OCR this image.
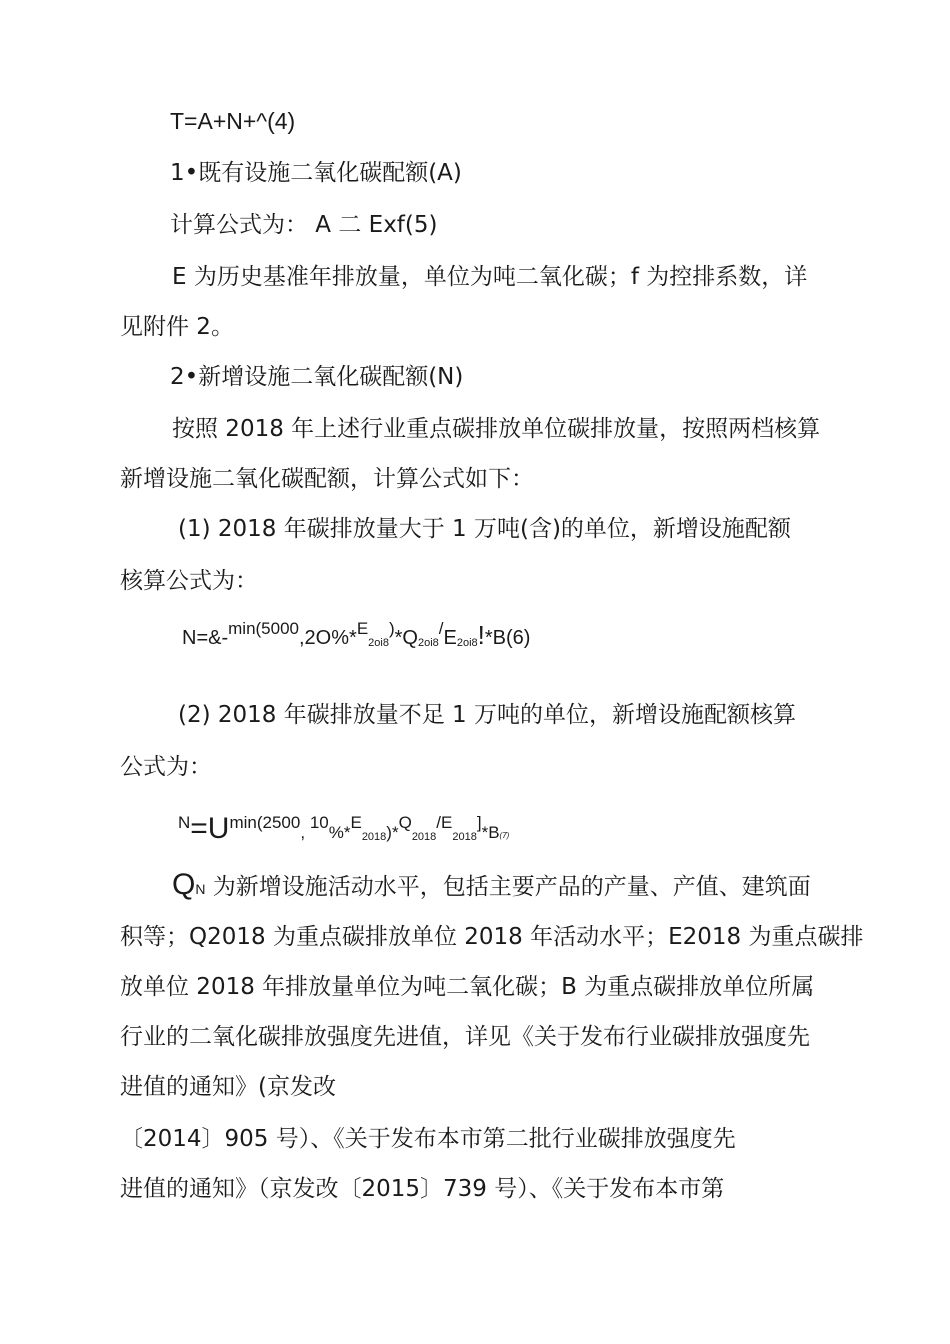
T=A+N+^(4)
1•既有设施二氧化碳配额(A)
计算公式为： A 二 Exf(5)
E 为历史基准年排放量，单位为吨二氧化碳；f 为控排系数，详
见附件 2。
2•新增设施二氧化碳配额(N)
按照 2018 年上述行业重点碳排放单位碳排放量，按照两档核算
新增设施二氧化碳配额，计算公式如下：
(1) 2018 年碳排放量大于 1 万吨(含)的单位，新增设施配额
核算公式为：
N=&-$^{min(5000}$,2O%*$^E$2oi8)*Q2oi8/E2oi8!*B(6)
(2) 2018 年碳排放量不足 1 万吨的单位，新增设施配额核算
公式为：
N=Umin(2500, 10%*E2018)*Q2018/E2018]*B(7)
QN 为新增设施活动水平，包括主要产品的产量、产值、建筑面
积等；Q2018 为重点碳排放单位 2018 年活动水平；E2018 为重点碳排
放单位 2018 年排放量单位为吨二氧化碳；B 为重点碳排放单位所属
行业的二氧化碳排放强度先进值，详见《关于发布行业碳排放强度先
进值的通知》(京发改
〔2014〕905 号）、《关于发布本市第二批行业碳排放强度先
进值的通知》（京发改〔2015〕739 号）、《关于发布本市第
